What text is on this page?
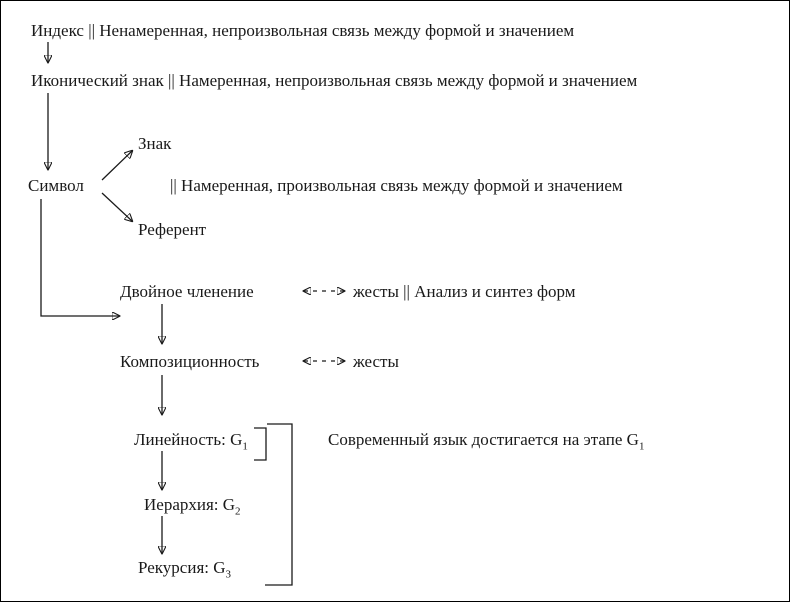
Индекс || Ненамеренная, непроизвольная связь между формой и значением
Иконический знак || Намеренная, непроизвольная связь между формой и значением
Знак
Символ	|| Намеренная, произвольная связь между формой и значением
Референт
Двойное членение	жесты || Анализ и синтез форм
Композиционность	жесты
Линейность: $G_1$	Современный язык достигается на этапе $G_1$
Иерархия: $G_2$
Рекурсия: $G_3$
